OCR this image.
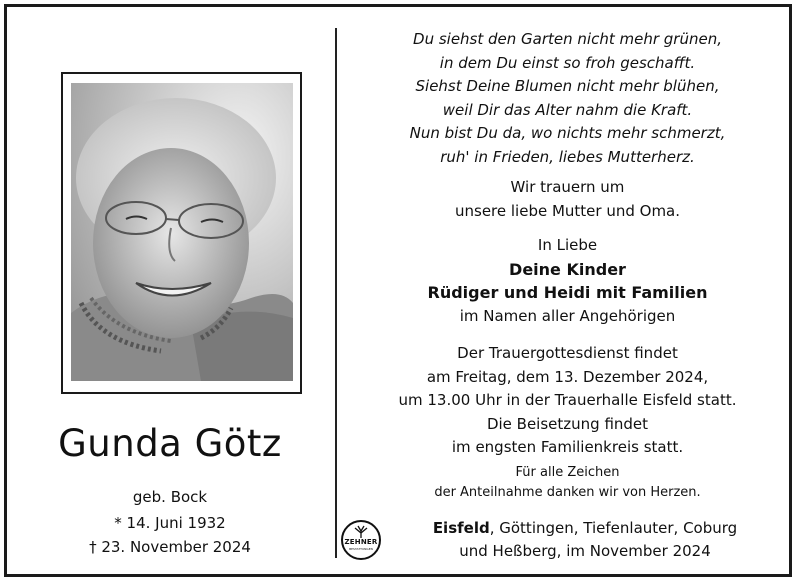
Gunda Götz
geb. Bock
* 14. Juni 1932
† 23. November 2024
Du siehst den Garten nicht mehr grünen,
in dem Du einst so froh geschafft.
Siehst Deine Blumen nicht mehr blühen,
weil Dir das Alter nahm die Kraft.
Nun bist Du da, wo nichts mehr schmerzt,
ruh' in Frieden, liebes Mutterherz.
Wir trauern um
unsere liebe Mutter und Oma.
In Liebe
Deine Kinder
Rüdiger und Heidi mit Familien
im Namen aller Angehörigen
Der Trauergottesdienst findet
am Freitag, dem 13. Dezember 2024,
um 13.00 Uhr in der Trauerhalle Eisfeld statt.
Die Beisetzung findet
im engsten Familienkreis statt.
Für alle Zeichen
der Anteilnahme danken wir von Herzen.
ZEHNER
BESTATTUNGEN
Eisfeld, Göttingen, Tiefenlauter, Coburg
und Heßberg, im November 2024
